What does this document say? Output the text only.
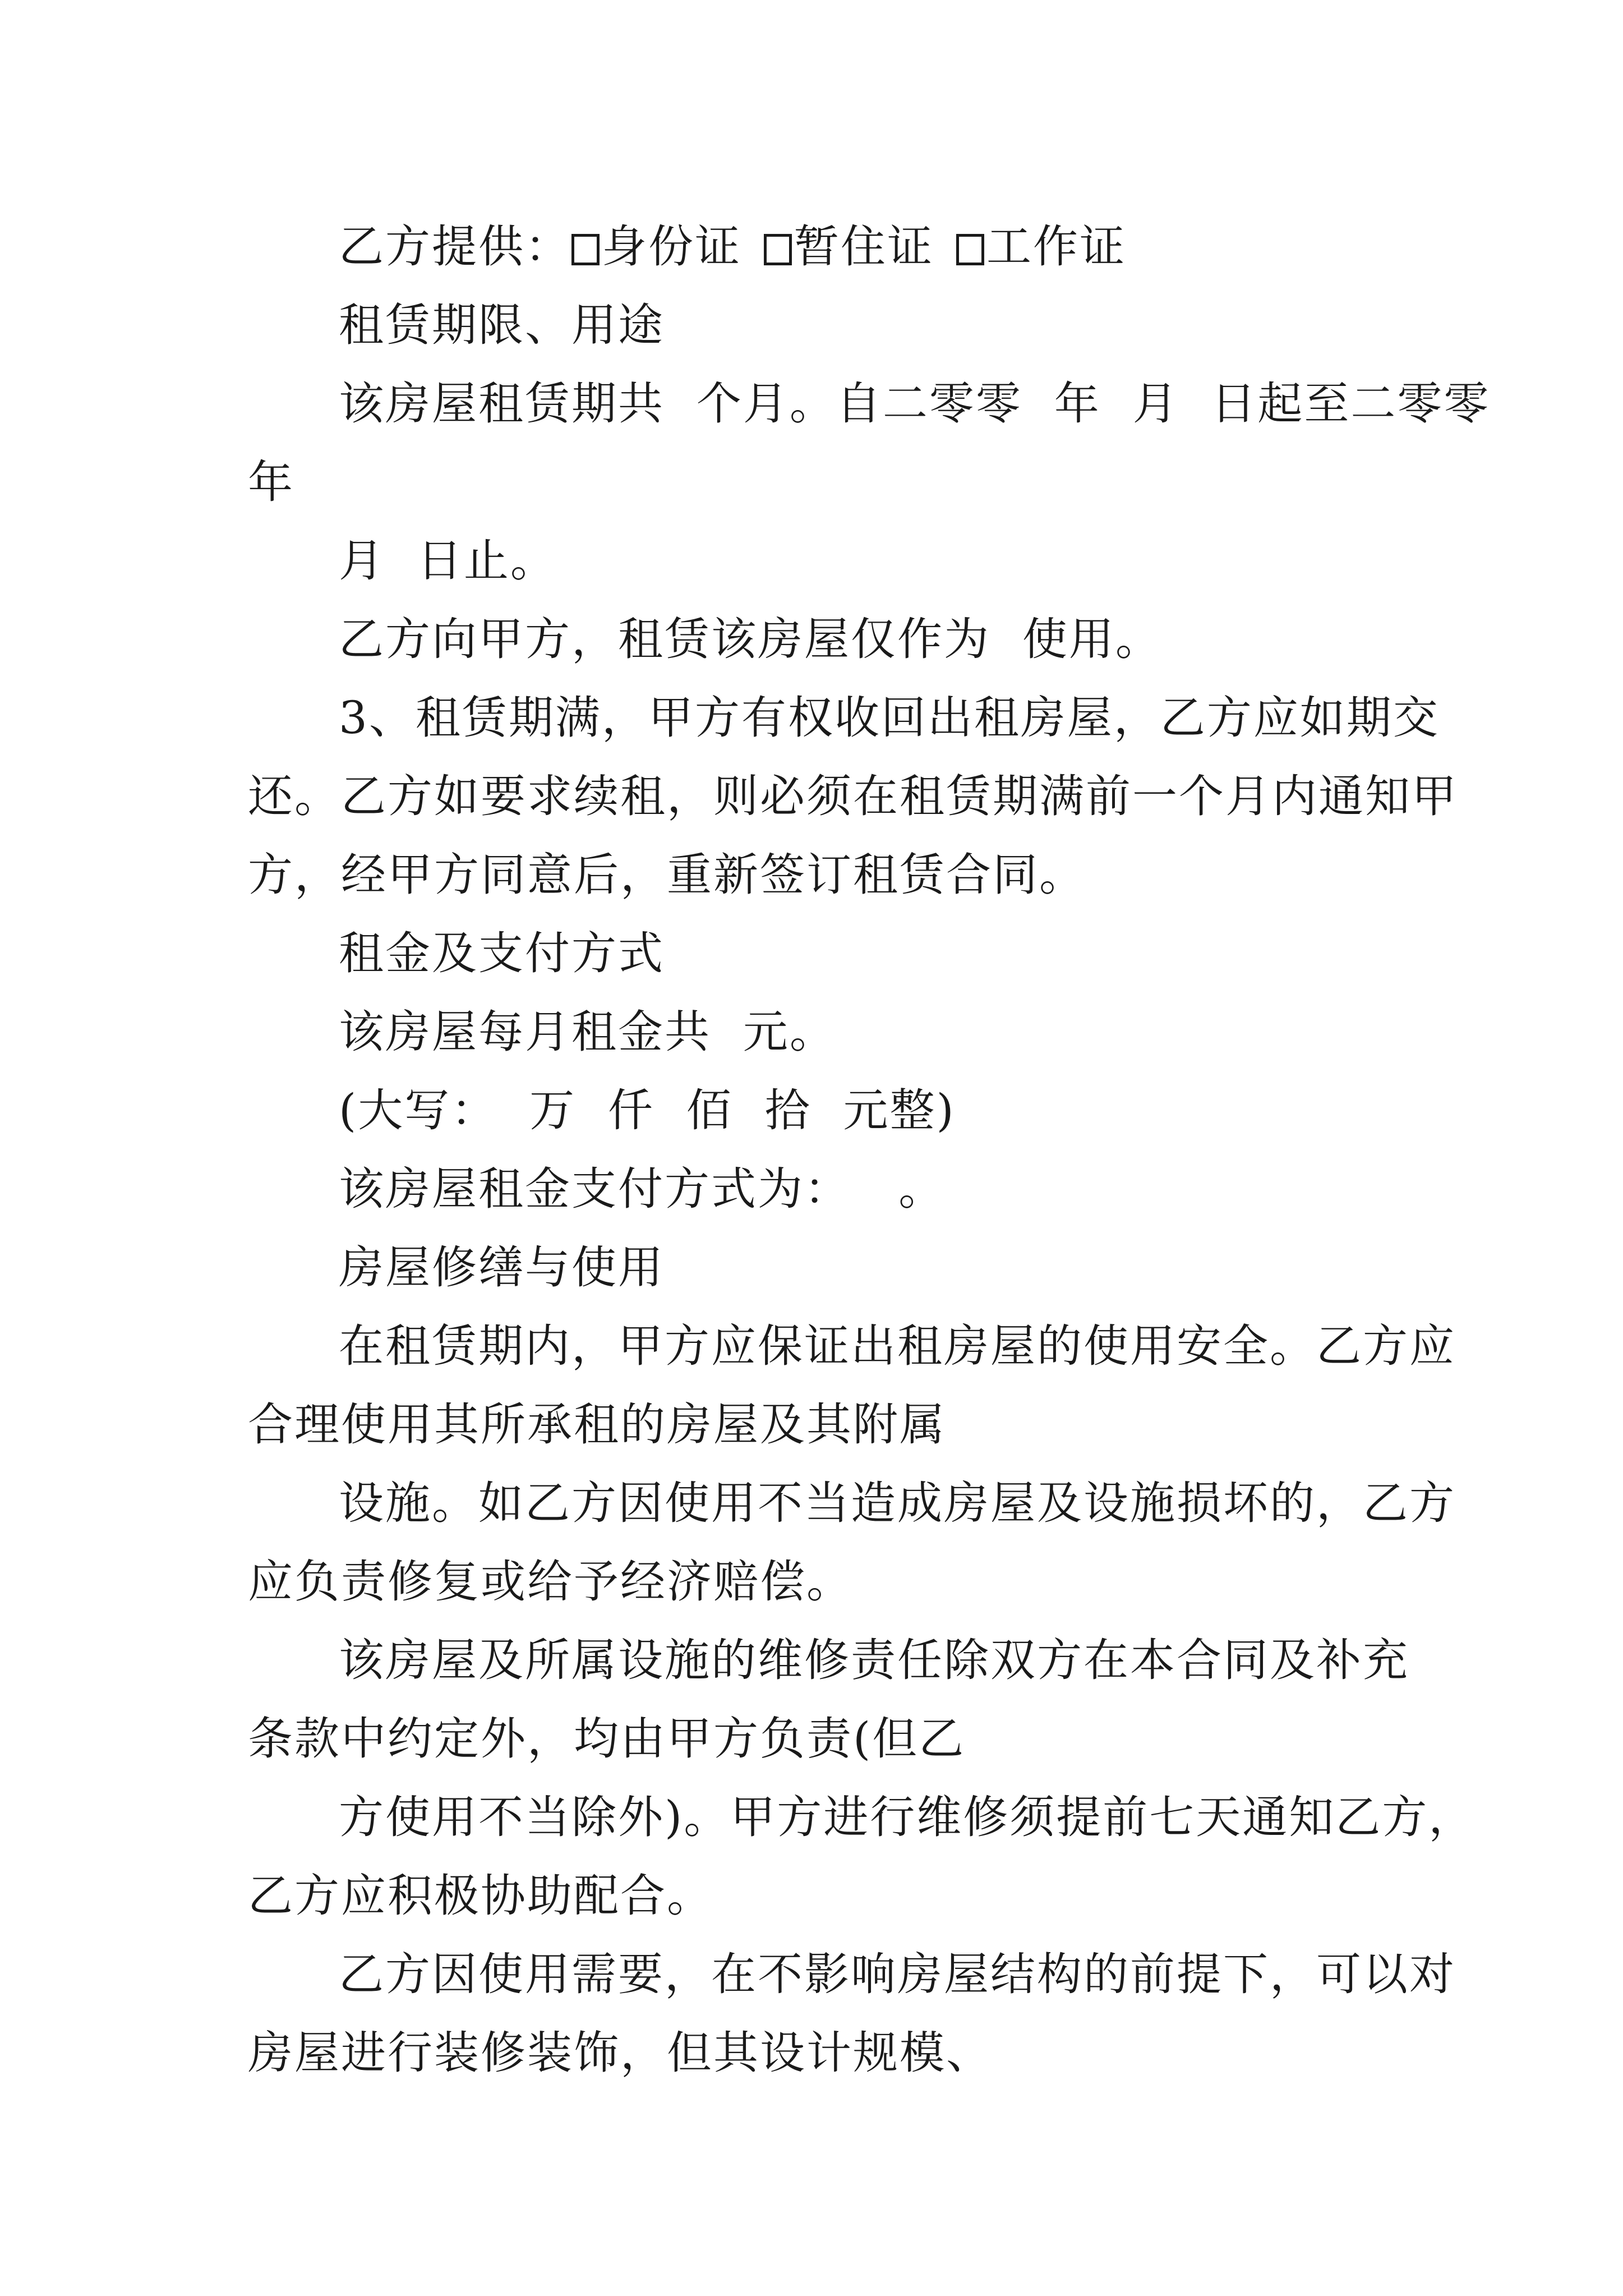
乙方提供： 身份证 暂住证 工作证
租赁期限、用途
该房屋租赁期共  个月。自二零零  年  月  日起至二零零
年
月  日止。
乙方向甲方，租赁该房屋仅作为  使用。
3、租赁期满，甲方有权收回出租房屋，乙方应如期交
还。乙方如要求续租，则必须在租赁期满前一个月内通知甲
方，经甲方同意后，重新签订租赁合同。
租金及支付方式
该房屋每月租金共  元。
(大写：  万  仟  佰  拾  元整)
该房屋租金支付方式为：   。
房屋修缮与使用
在租赁期内，甲方应保证出租房屋的使用安全。乙方应
合理使用其所承租的房屋及其附属
设施。如乙方因使用不当造成房屋及设施损坏的，乙方
应负责修复或给予经济赔偿。
该房屋及所属设施的维修责任除双方在本合同及补充
条款中约定外，均由甲方负责(但乙
方使用不当除外)。甲方进行维修须提前七天通知乙方，
乙方应积极协助配合。
乙方因使用需要，在不影响房屋结构的前提下，可以对
房屋进行装修装饰，但其设计规模、
